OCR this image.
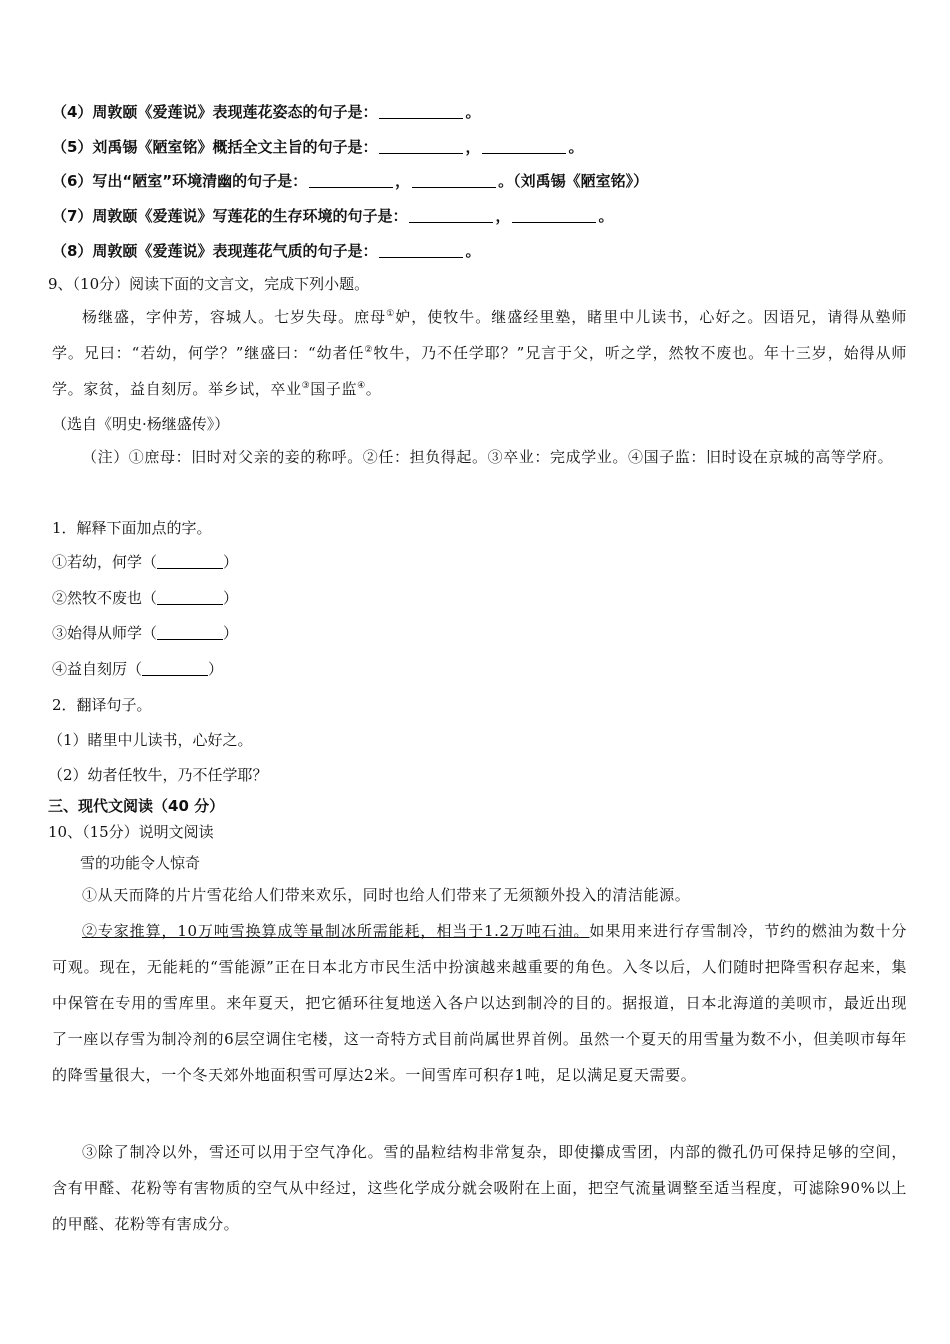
（4）周敦颐《爱莲说》表现莲花姿态的句子是：	。
（5）刘禹锡《陋室铭》概括全文主旨的句子是：	，	。
（6）写出“陋室”环境清幽的句子是：	，	。（刘禹锡《陋室铭》）
（7）周敦颐《爱莲说》写莲花的生存环境的句子是：	，	。
（8）周敦颐《爱莲说》表现莲花气质的句子是：	。
9、（10分）阅读下面的文言文，完成下列小题。
杨继盛，字仲芳，容城人。七岁失母。庶母①妒，使牧牛。继盛经里塾，睹里中儿读书，心好之。因语兄，请得从塾师学。兄曰：“若幼，何学？”继盛曰：“幼者任②牧牛，乃不任学耶？”兄言于父，听之学，然牧不废也。年十三岁，始得从师学。家贫，益自刻厉。举乡试，卒业③国子监④。
（选自《明史·杨继盛传》）
（注）①庶母：旧时对父亲的妾的称呼。②任：担负得起。③卒业：完成学业。④国子监：旧时设在京城的高等学府。
1．解释下面加点的字。
①若幼，何学（	）
②然牧不废也（	）
③始得从师学（	）
④益自刻厉（	）
2．翻译句子。
（1）睹里中儿读书，心好之。
（2）幼者任牧牛，乃不任学耶？
三、现代文阅读（40 分）
10、（15分）说明文阅读
雪的功能令人惊奇
①从天而降的片片雪花给人们带来欢乐，同时也给人们带来了无须额外投入的清洁能源。
②专家推算，10万吨雪换算成等量制冰所需能耗，相当于1.2万吨石油。如果用来进行存雪制冷，节约的燃油为数十分可观。现在，无能耗的“雪能源”正在日本北方市民生活中扮演越来越重要的角色。入冬以后，人们随时把降雪积存起来，集中保管在专用的雪库里。来年夏天，把它循环往复地送入各户以达到制冷的目的。据报道，日本北海道的美呗市，最近出现了一座以存雪为制冷剂的6层空调住宅楼，这一奇特方式目前尚属世界首例。虽然一个夏天的用雪量为数不小，但美呗市每年的降雪量很大，一个冬天郊外地面积雪可厚达2米。一间雪库可积存1吨，足以满足夏天需要。
③除了制冷以外，雪还可以用于空气净化。雪的晶粒结构非常复杂，即使攥成雪团，内部的微孔仍可保持足够的空间，含有甲醛、花粉等有害物质的空气从中经过，这些化学成分就会吸附在上面，把空气流量调整至适当程度，可滤除90%以上的甲醛、花粉等有害成分。
